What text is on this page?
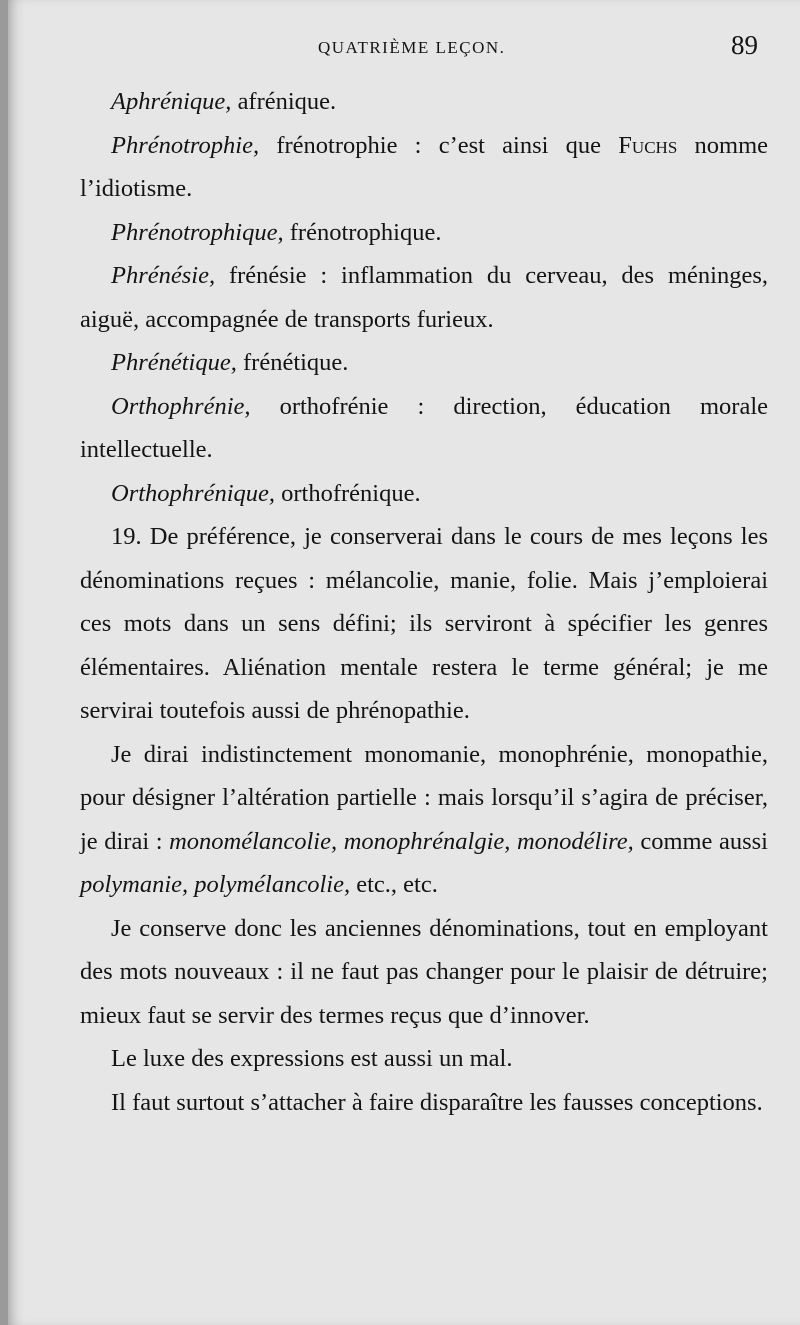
QUATRIÈME LEÇON.	89

Aphrénique, afrénique.

Phrénotrophie, frénotrophie : c’est ainsi que Fuchs nomme l’idiotisme.

Phrénotrophique, frénotrophique.

Phrénésie, frénésie : inflammation du cerveau, des méninges, aiguë, accompagnée de transports furieux.

Phrénétique, frénétique.

Orthophrénie, orthofrénie : direction, éducation morale intellectuelle.

Orthophrénique, orthofrénique.

19. De préférence, je conserverai dans le cours de mes leçons les dénominations reçues : mélancolie, manie, folie. Mais j’emploierai ces mots dans un sens défini; ils serviront à spécifier les genres élémentaires. Aliénation mentale restera le terme général; je me servirai toutefois aussi de phrénopathie.

Je dirai indistinctement monomanie, monophrénie, monopathie, pour désigner l’altération partielle : mais lorsqu’il s’agira de préciser, je dirai : monomélancolie, monophrénalgie, monodélire, comme aussi polymanie, polymélancolie, etc., etc.

Je conserve donc les anciennes dénominations, tout en employant des mots nouveaux : il ne faut pas changer pour le plaisir de détruire; mieux faut se servir des termes reçus que d’innover.

Le luxe des expressions est aussi un mal.

Il faut surtout s’attacher à faire disparaître les fausses conceptions.
